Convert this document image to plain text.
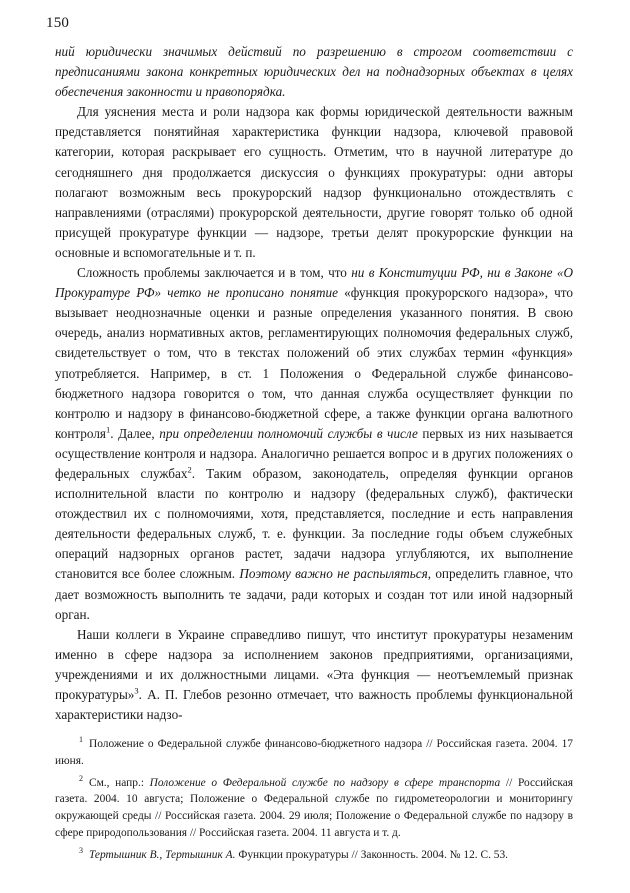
150

ний юридически значимых действий по разрешению в строгом соответствии с предписаниями закона конкретных юридических дел на поднадзорных объектах в целях обеспечения законности и правопорядка.

Для уяснения места и роли надзора как формы юридической деятельности важным представляется понятийная характеристика функции надзора, ключевой правовой категории, которая раскрывает его сущность. Отметим, что в научной литературе до сегодняшнего дня продолжается дискуссия о функциях прокуратуры: одни авторы полагают возможным весь прокурорский надзор функционально отождествлять с направлениями (отраслями) прокурорской деятельности, другие говорят только об одной присущей прокуратуре функции — надзоре, третьи делят прокурорские функции на основные и вспомогательные и т. п.

Сложность проблемы заключается и в том, что ни в Конституции РФ, ни в Законе «О Прокуратуре РФ» четко не прописано понятие «функция прокурорского надзора», что вызывает неоднозначные оценки и разные определения указанного понятия. В свою очередь, анализ нормативных актов, регламентирующих полномочия федеральных служб, свидетельствует о том, что в текстах положений об этих службах термин «функция» употребляется. Например, в ст. 1 Положения о Федеральной службе финансово-бюджетного надзора говорится о том, что данная служба осуществляет функции по контролю и надзору в финансово-бюджетной сфере, а также функции органа валютного контроля$^1$. Далее, при определении полномочий службы в числе первых из них называется осуществление контроля и надзора. Аналогично решается вопрос и в других положениях о федеральных службах$^2$. Таким образом, законодатель, определяя функции органов исполнительной власти по контролю и надзору (федеральных служб), фактически отождествил их с полномочиями, хотя, представляется, последние и есть направления деятельности федеральных служб, т. е. функции. За последние годы объем служебных операций надзорных органов растет, задачи надзора углубляются, их выполнение становится все более сложным. Поэтому важно не распыляться, определить главное, что дает возможность выполнить те задачи, ради которых и создан тот или иной надзорный орган.

Наши коллеги в Украине справедливо пишут, что институт прокуратуры незаменим именно в сфере надзора за исполнением законов предприятиями, организациями, учреждениями и их должностными лицами. «Эта функция — неотъемлемый признак прокуратуры»$^3$. А. П. Глебов резонно отмечает, что важность проблемы функциональной характеристики надзо-

$^1$ Положение о Федеральной службе финансово-бюджетного надзора // Российская газета. 2004. 17 июня.

$^2$ См., напр.: Положение о Федеральной службе по надзору в сфере транспорта // Российская газета. 2004. 10 августа; Положение о Федеральной службе по гидрометеорологии и мониторингу окружающей среды // Российская газета. 2004. 29 июля; Положение о Федеральной службе по надзору в сфере природопользования // Российская газета. 2004. 11 августа и т. д.

$^3$ Тертышник В., Тертышник А. Функции прокуратуры // Законность. 2004. № 12. С. 53.
